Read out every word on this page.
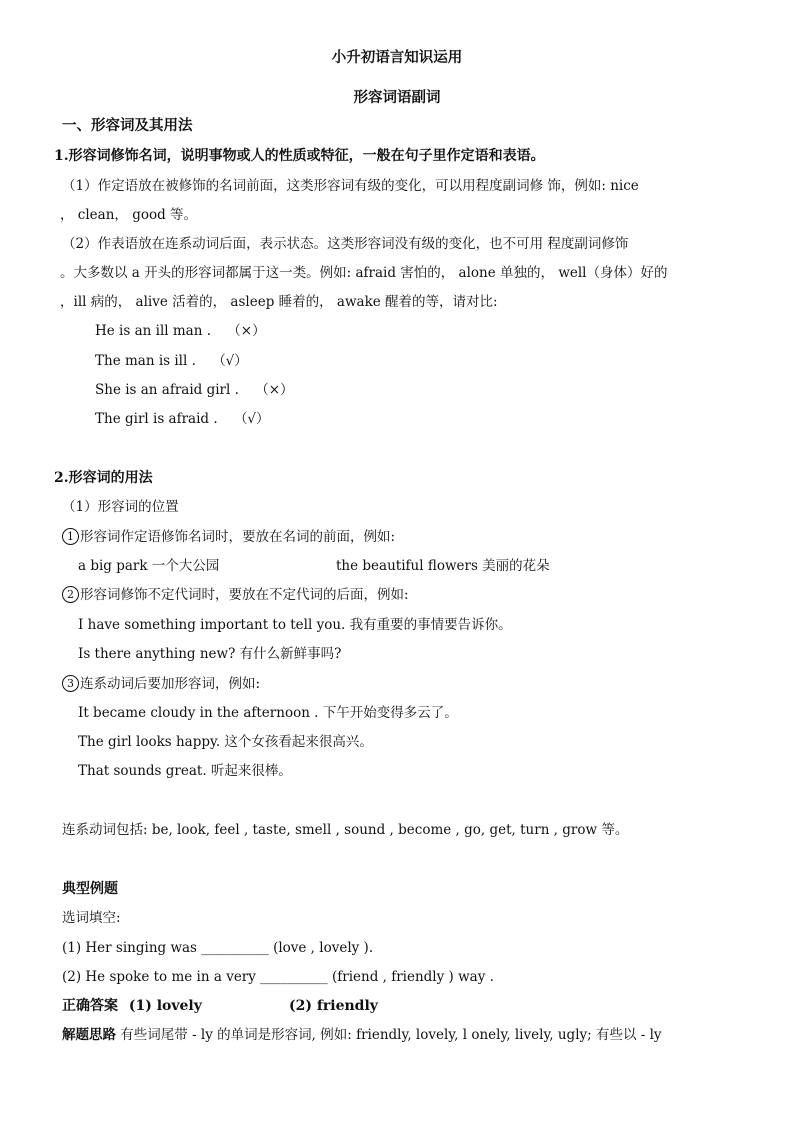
小升初语言知识运用
形容词语副词
一、形容词及其用法
1.形容词修饰名词，说明事物或人的性质或特征，一般在句子里作定语和表语。
（1）作定语放在被修饰的名词前面，这类形容词有级的变化，可以用程度副词修 饰，例如: nice
， clean， good 等。
（2）作表语放在连系动词后面，表示状态。这类形容词没有级的变化，也不可用 程度副词修饰
。大多数以 a 开头的形容词都属于这一类。例如: afraid 害怕的， alone 单独的， well（身体）好的
，ill 病的， alive 活着的， asleep 睡着的， awake 醒着的等，请对比:
He is an ill man . （×）
The man is ill . （√）
She is an afraid girl . （×）
The girl is afraid . （√）
2.形容词的用法
（1）形容词的位置
1 形容词作定语修饰名词时，要放在名词的前面，例如:
a big park 一个大公园	the beautiful flowers 美丽的花朵
2 形容词修饰不定代词时，要放在不定代词的后面，例如:
I have something important to tell you. 我有重要的事情要告诉你。
Is there anything new? 有什么新鲜事吗?
3 连系动词后要加形容词，例如:
It became cloudy in the afternoon . 下午开始变得多云了。
The girl looks happy. 这个女孩看起来很高兴。
That sounds great. 听起来很棒。
连系动词包括: be, look, feel , taste, smell , sound , become , go, get, turn , grow 等。
典型例题
选词填空:
(1) Her singing was __________ (love , lovely ).
(2) He spoke to me in a very __________ (friend , friendly ) way .
正确答案 (1) lovely	(2) friendly
解题思路 有些词尾带 - ly 的单词是形容词, 例如: friendly, lovely, l onely, lively, ugly; 有些以 - ly
